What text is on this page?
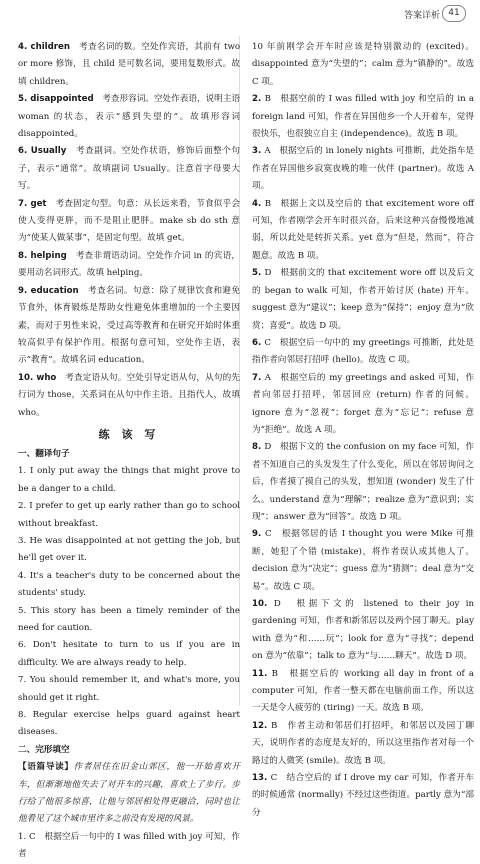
答案详析 41

4. children　考查名词的数。空处作宾语，其前有 two or more 修饰，且 child 是可数名词，要用复数形式。故填 children。

5. disappointed　考查形容词。空处作表语，说明主语 woman 的状态，表示“感到失望的”。故填形容词 disappointed。

6. Usually　考查副词。空处作状语，修饰后面整个句子，表示“通常”。故填副词 Usually。注意首字母要大写。

7. get　考查固定句型。句意：从长远来看，节食似乎会使人变得更胖，而不是阻止肥胖。make sb do sth 意为“使某人做某事”，是固定句型。故填 get。

8. helping　考查非谓语动词。空处作介词 in 的宾语，要用动名词形式。故填 helping。

9. education　考查名词。句意：除了规律饮食和避免节食外，体育锻炼是帮助女性避免体重增加的一个主要因素，而对于男性来说，受过高等教育和在研究开始时体重较高似乎有保护作用。根据句意可知，空处作主语，表示“教育”。故填名词 education。

10. who　考查定语从句。空处引导定语从句，从句的先行词为 those，关系词在从句中作主语。且指代人，故填 who。

练 该 写

一、翻译句子

1. I only put away the things that might prove to be a danger to a child.

2. I prefer to get up early rather than go to school without breakfast.

3. He was disappointed at not getting the job, but he'll get over it.

4. It's a teacher's duty to be concerned about the students' study.

5. This story has been a timely reminder of the need for caution.

6. Don't hesitate to turn to us if you are in difficulty. We are always ready to help.

7. You should remember it, and what's more, you should get it right.

8. Regular exercise helps guard against heart diseases.

二、完形填空

【语篇导读】作者居住在旧金山郊区，他一开始喜欢开车，但渐渐地他失去了对开车的兴趣，喜欢上了步行。步行给了他很多惊喜，让他与邻居相处得更融洽，同时也让他看见了这个城市里许多之前没有发现的风景。

1. C　根据空后一句中的 I was filled with joy 可知，作者

10 年前刚学会开车时应该是特别激动的 (excited)。disappointed 意为“失望的”；calm 意为“镇静的”。故选 C 项。

2. B　根据空前的 I was filled with joy 和空后的 in a foreign land 可知，作者在异国他乡一个人开着车，觉得很快乐，也很独立自主 (independence)。故选 B 项。

3. A　根据空后的 in lonely nights 可推断，此处指车是作者在异国他乡寂寞夜晚的唯一伙伴 (partner)。故选 A 项。

4. B　根据上文以及空后的 that excitement wore off 可知，作者刚学会开车时很兴奋，后来这种兴奋慢慢地减弱，所以此处是转折关系。yet 意为“但是，然而”，符合题意。故选 B 项。

5. D　根据前文的 that excitement wore off 以及后文的 began to walk 可知，作者开始讨厌 (hate) 开车。suggest 意为“建议”；keep 意为“保持”；enjoy 意为“欣赏；喜爱”。故选 D 项。

6. C　根据空后一句中的 my greetings 可推断，此处是指作者向邻居打招呼 (hello)。故选 C 项。

7. A　根据空后的 my greetings and asked 可知，作者向邻居打招呼，邻居回应 (return) 作者的问候。ignore 意为“忽视”；forget 意为“忘记”；refuse 意为“拒绝”。故选 A 项。

8. D　根据下文的 the confusion on my face 可知，作者不知道自己的头发发生了什么变化，所以在邻居询问之后，作者摸了摸自己的头发，想知道 (wonder) 发生了什么。understand 意为“理解”；realize 意为“意识到；实现”；answer 意为“回答”。故选 D 项。

9. C　根据邻居的话 I thought you were Mike 可推断，她犯了个错 (mistake)，将作者误认成其他人了。decision 意为“决定”；guess 意为“猜测”；deal 意为“交易”。故选 C 项。

10. D　根据下文的 listened to their joy in gardening 可知，作者和新邻居以及两个园丁聊天。play with 意为“和……玩”；look for 意为“寻找”；depend on 意为“依靠”；talk to 意为“与……聊天”。故选 D 项。

11. B　根据空后的 working all day in front of a computer 可知，作者一整天都在电脑前面工作，所以这一天是令人疲劳的 (tiring) 一天。故选 B 项。

12. B　作者主动和邻居们打招呼，和邻居以及园丁聊天，说明作者的态度是友好的，所以这里指作者对每一个路过的人微笑 (smile)。故选 B 项。

13. C　结合空后的 if I drove my car 可知，作者开车的时候通常 (normally) 不经过这些街道。partly 意为“部分
